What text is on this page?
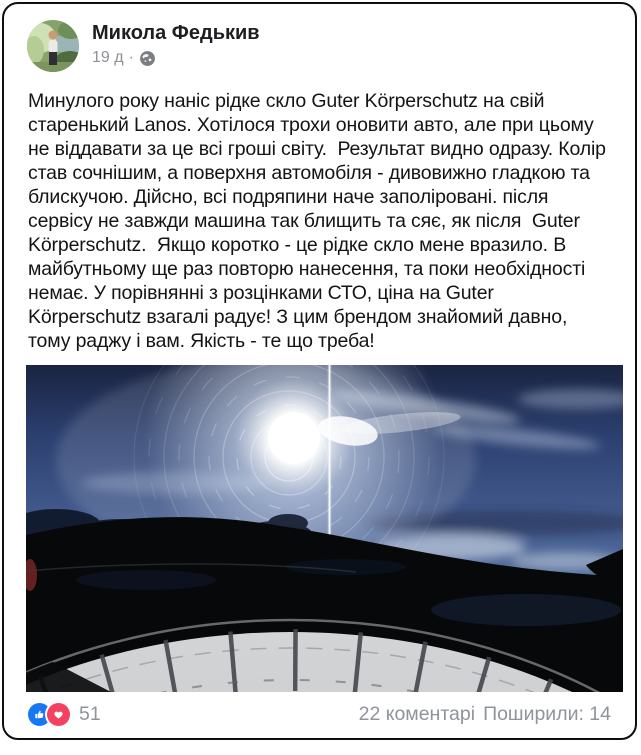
Микола Федькив
19 д ·
Минулого року наніс рідке скло Guter Körperschutz на свій старенький Lanos. Хотілося трохи оновити авто, але при цьому не віддавати за це всі гроші світу.  Результат видно одразу. Колір став сочнішим, а поверхня автомобіля - дивовижно гладкою та блискучою. Дійсно, всі подряпини наче заполіровані. після сервісу не завжди машина так блищить та сяє, як після  Guter Körperschutz.  Якщо коротко - це рідке скло мене вразило. В майбутньому ще раз повторю нанесення, та поки необхідності немає. У порівнянні з розцінками СТО, ціна на Guter Körperschutz взагалі радує! З цим брендом знайомий давно, тому раджу і вам. Якість - те що треба!
51	22 коментарі Поширили: 14
